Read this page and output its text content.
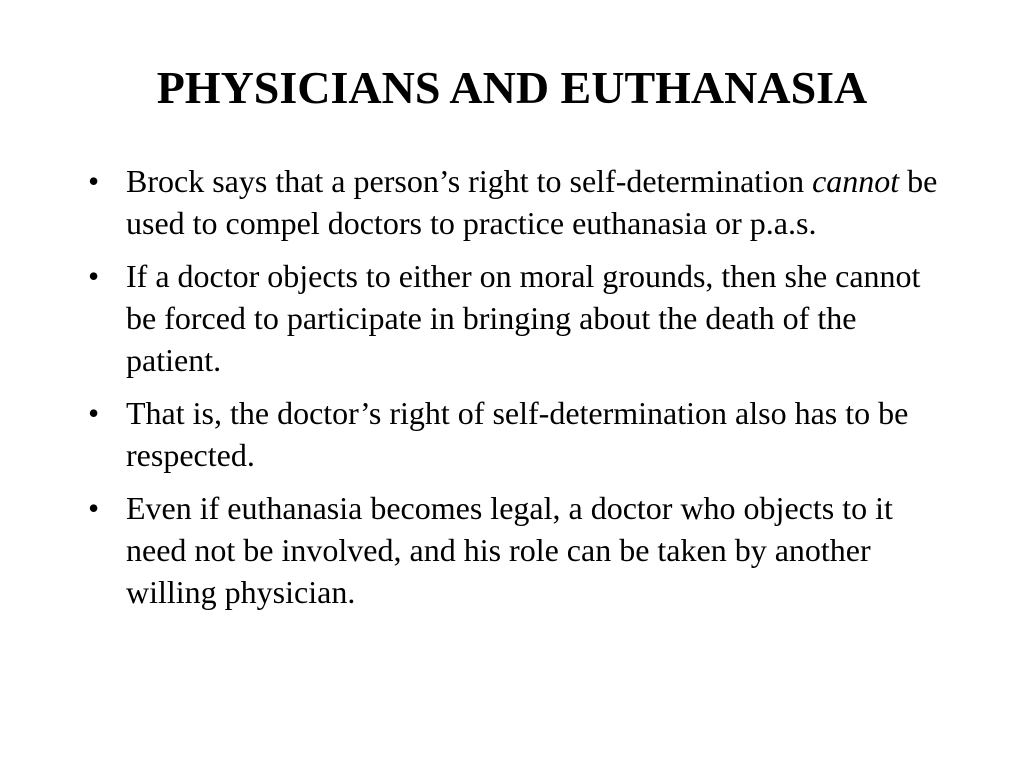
PHYSICIANS AND EUTHANASIA
• Brock says that a person’s right to self-determination cannot be used to compel doctors to practice euthanasia or p.a.s.
• If a doctor objects to either on moral grounds, then she cannot be forced to participate in bringing about the death of the patient.
• That is, the doctor’s right of self-determination also has to be respected.
• Even if euthanasia becomes legal, a doctor who objects to it need not be involved, and his role can be taken by another willing physician.
